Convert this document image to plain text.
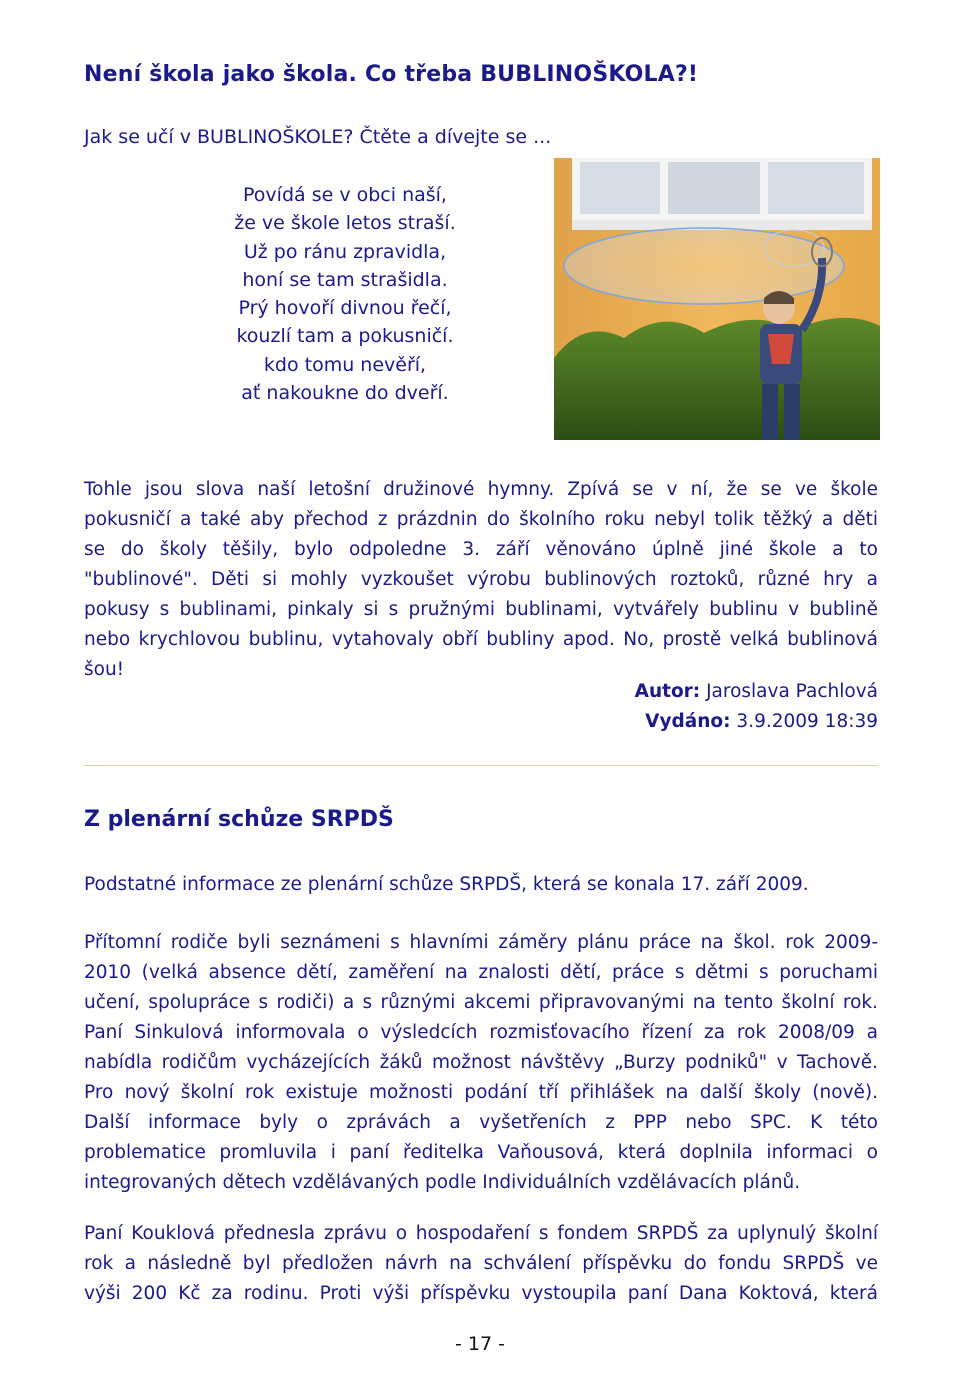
Není škola jako škola. Co třeba BUBLINOŠKOLA?!
Jak se učí v BUBLINOŠKOLE? Čtěte a dívejte se ...
Povídá se v obci naší,
že ve škole letos straší.
Už po ránu zpravidla,
honí se tam strašidla.
Prý hovoří divnou řečí,
kouzlí tam a pokusničí.
kdo tomu nevěří,
ať nakoukne do dveří.
Tohle jsou slova naší letošní družinové hymny. Zpívá se v ní, že se ve škole
pokusničí a také aby přechod z prázdnin do školního roku nebyl tolik těžký a děti
se do školy těšily, bylo odpoledne 3. září věnováno úplně jiné škole a to
"bublinové". Děti si mohly vyzkoušet výrobu bublinových roztoků, různé hry a
pokusy s bublinami, pinkaly si s pružnými bublinami, vytvářely bublinu v bublině
nebo krychlovou bublinu, vytahovaly obří bubliny apod. No, prostě velká bublinová
šou!
Autor: Jaroslava Pachlová
Vydáno: 3.9.2009 18:39
Z plenární schůze SRPDŠ
Podstatné informace ze plenární schůze SRPDŠ, která se konala 17. září 2009.
Přítomní rodiče byli seznámeni s hlavními záměry plánu práce na škol. rok 2009-
2010 (velká absence dětí, zaměření na znalosti dětí, práce s dětmi s poruchami
učení, spolupráce s rodiči) a s různými akcemi připravovanými na tento školní rok.
Paní Sinkulová informovala o výsledcích rozmisťovacího řízení za rok 2008/09 a
nabídla rodičům vycházejících žáků možnost návštěvy „Burzy podniků" v Tachově.
Pro nový školní rok existuje možnosti podání tří přihlášek na další školy (nově).
Další informace byly o zprávách a vyšetřeních z PPP nebo SPC. K této
problematice promluvila i paní ředitelka Vaňousová, která doplnila informaci o
integrovaných dětech vzdělávaných podle Individuálních vzdělávacích plánů.
Paní Kouklová přednesla zprávu o hospodaření s fondem SRPDŠ za uplynulý školní
rok a následně byl předložen návrh na schválení příspěvku do fondu SRPDŠ ve
výši 200 Kč za rodinu. Proti výši příspěvku vystoupila paní Dana Koktová, která
- 17 -
